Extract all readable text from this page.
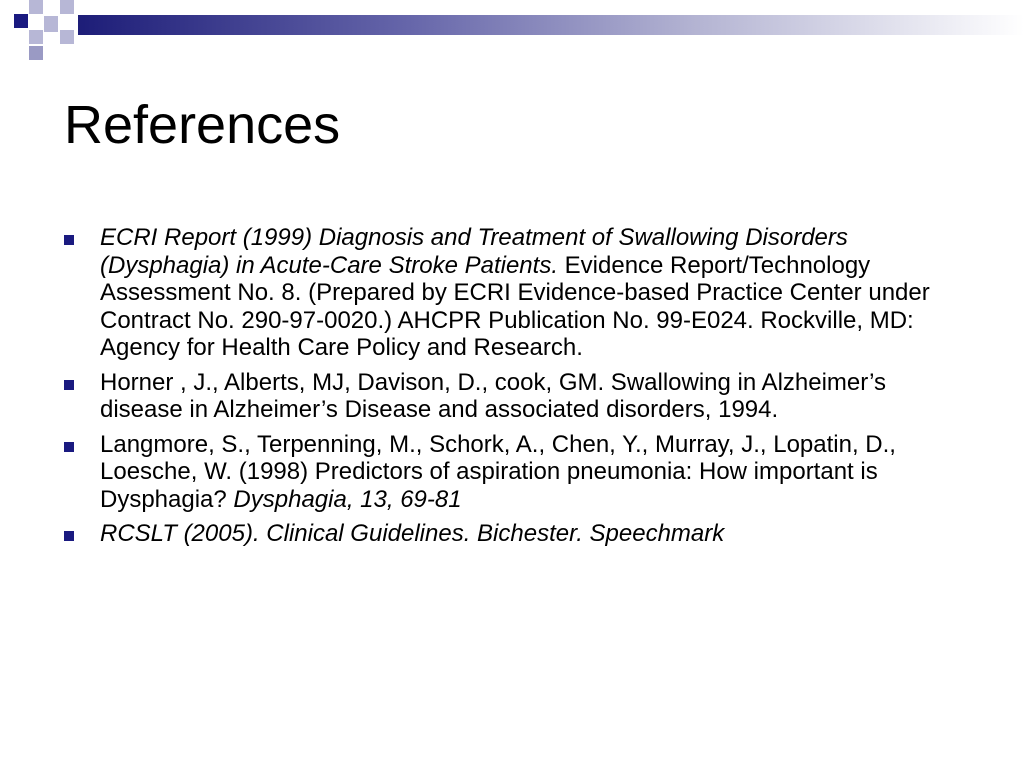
References
ECRI Report (1999) Diagnosis and Treatment of Swallowing Disorders (Dysphagia) in Acute-Care Stroke Patients. Evidence Report/Technology Assessment No. 8. (Prepared by ECRI Evidence-based Practice Center under Contract No. 290-97-0020.) AHCPR Publication No. 99-E024. Rockville, MD: Agency for Health Care Policy and Research.
Horner , J., Alberts, MJ, Davison, D., cook, GM. Swallowing in Alzheimer’s disease in Alzheimer’s Disease and associated disorders, 1994.
Langmore, S., Terpenning, M., Schork, A., Chen, Y., Murray, J., Lopatin, D., Loesche, W. (1998) Predictors of aspiration pneumonia: How important is Dysphagia? Dysphagia, 13, 69-81
RCSLT (2005). Clinical Guidelines. Bichester. Speechmark
